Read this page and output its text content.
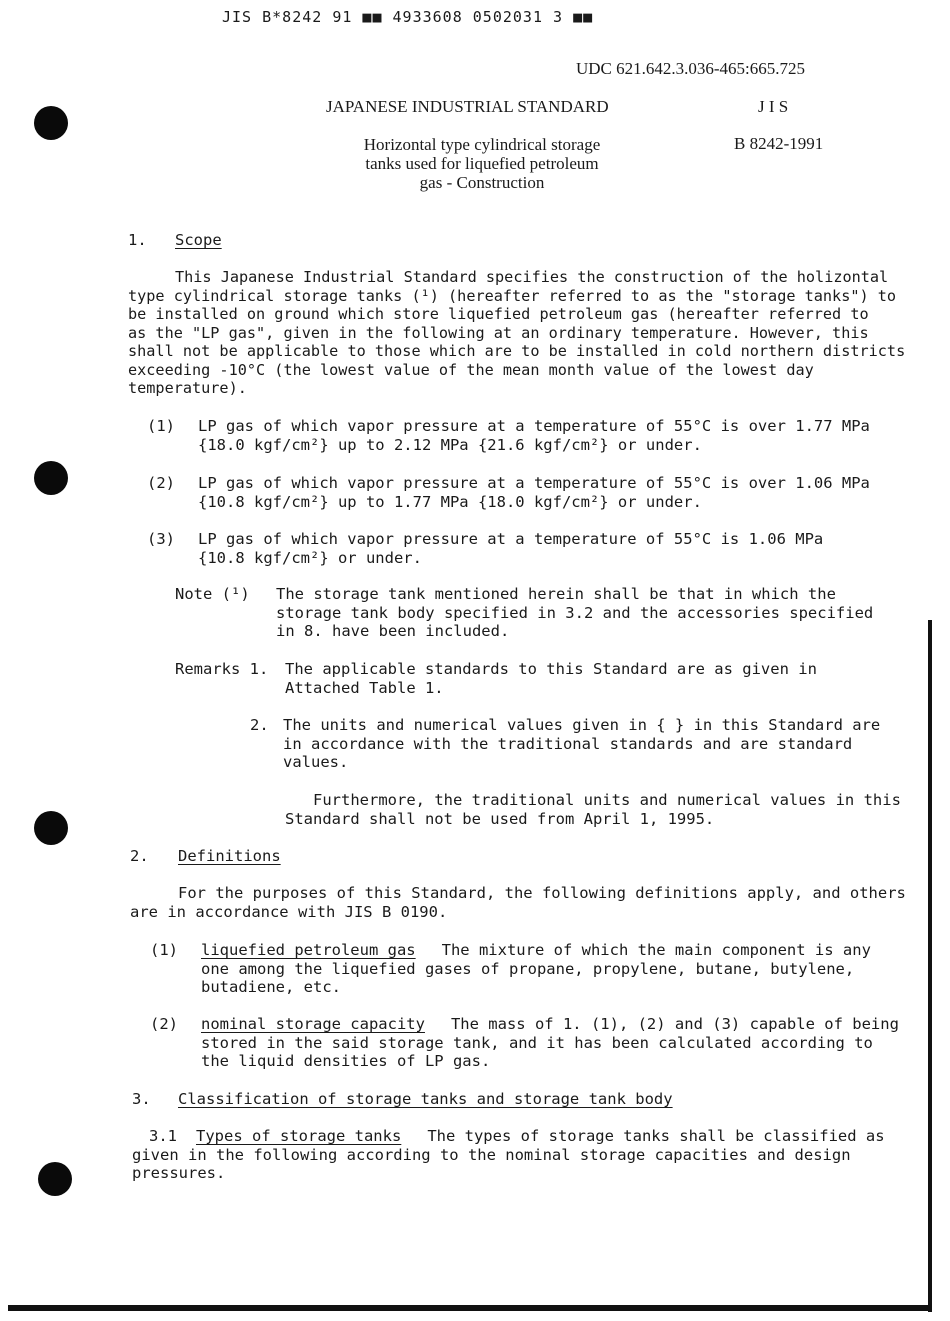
JIS B*8242 91 ■■ 4933608 0502031 3 ■■
UDC 621.642.3.036-465:665.725
JAPANESE INDUSTRIAL STANDARD	J I S
Horizontal type cylindrical storage
tanks used for liquefied petroleum
gas - Construction
B 8242-1991
1. Scope
This Japanese Industrial Standard specifies the construction of the holizontal
type cylindrical storage tanks (¹) (hereafter referred to as the "storage tanks") to
be installed on ground which store liquefied petroleum gas (hereafter referred to
as the "LP gas", given in the following at an ordinary temperature. However, this
shall not be applicable to those which are to be installed in cold northern districts
exceeding -10°C (the lowest value of the mean month value of the lowest day
temperature).
(1) LP gas of which vapor pressure at a temperature of 55°C is over 1.77 MPa
{18.0 kgf/cm²} up to 2.12 MPa {21.6 kgf/cm²} or under.
(2) LP gas of which vapor pressure at a temperature of 55°C is over 1.06 MPa
{10.8 kgf/cm²} up to 1.77 MPa {18.0 kgf/cm²} or under.
(3) LP gas of which vapor pressure at a temperature of 55°C is 1.06 MPa
{10.8 kgf/cm²} or under.
Note (¹) The storage tank mentioned herein shall be that in which the
storage tank body specified in 3.2 and the accessories specified
in 8. have been included.
Remarks 1. The applicable standards to this Standard are as given in
Attached Table 1.
2. The units and numerical values given in { } in this Standard are
in accordance with the traditional standards and are standard
values.
Furthermore, the traditional units and numerical values in this
Standard shall not be used from April 1, 1995.
2. Definitions
For the purposes of this Standard, the following definitions apply, and others
are in accordance with JIS B 0190.
(1) liquefied petroleum gas The mixture of which the main component is any
one among the liquefied gases of propane, propylene, butane, butylene,
butadiene, etc.
(2) nominal storage capacity The mass of 1. (1), (2) and (3) capable of being
stored in the said storage tank, and it has been calculated according to
the liquid densities of LP gas.
3. Classification of storage tanks and storage tank body
3.1 Types of storage tanks The types of storage tanks shall be classified as
given in the following according to the nominal storage capacities and design
pressures.
